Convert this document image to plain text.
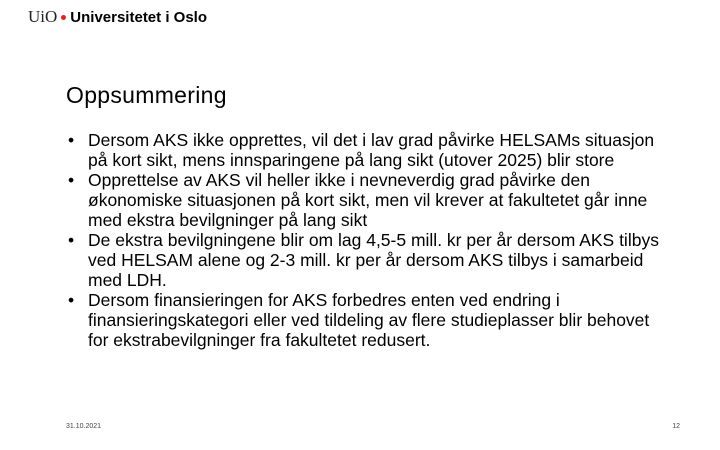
UiO Universitetet i Oslo
Oppsummering
• Dersom AKS ikke opprettes, vil det i lav grad påvirke HELSAMs situasjon på kort sikt, mens innsparingene på lang sikt (utover 2025) blir store
• Opprettelse av AKS vil heller ikke i nevneverdig grad påvirke den økonomiske situasjonen på kort sikt, men vil krever at fakultetet går inne med ekstra bevilgninger på lang sikt
• De ekstra bevilgningene blir om lag 4,5-5 mill. kr per år dersom AKS tilbys ved HELSAM alene og 2-3 mill. kr per år dersom AKS tilbys i samarbeid med LDH.
• Dersom finansieringen for AKS forbedres enten ved endring i finansieringskategori eller ved tildeling av flere studieplasser blir behovet for ekstrabevilgninger fra fakultetet redusert.
31.10.2021	12
